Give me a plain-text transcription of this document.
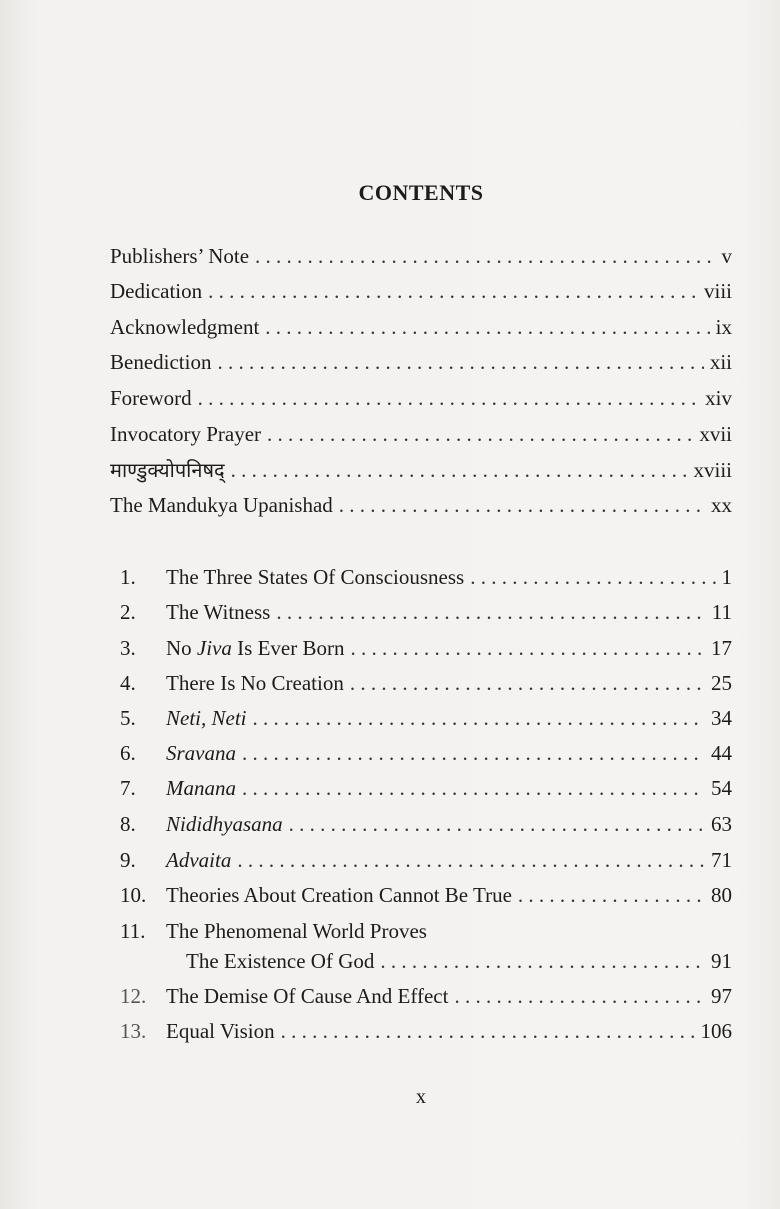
CONTENTS
Publishers’ Note . . .	v
Dedication . . .	viii
Acknowledgment . . .	ix
Benediction . . .	xii
Foreword . . .	xiv
Invocatory Prayer . . .	xvii
माण्डुक्योपनिषद् . . .	xviii
The Mandukya Upanishad . . .	xx
1.	The Three States Of Consciousness . . .	1
2.	The Witness . . .	11
3.	No Jiva Is Ever Born . . .	17
4.	There Is No Creation . . .	25
5.	Neti, Neti . . .	34
6.	Sravana . . .	44
7.	Manana . . .	54
8.	Nididhyasana . . .	63
9.	Advaita . . .	71
10. Theories About Creation Cannot Be True . . .	80
11. The Phenomenal World Proves
The Existence Of God . . .	91
12. The Demise Of Cause And Effect . . .	97
13. Equal Vision . . .	106
x
